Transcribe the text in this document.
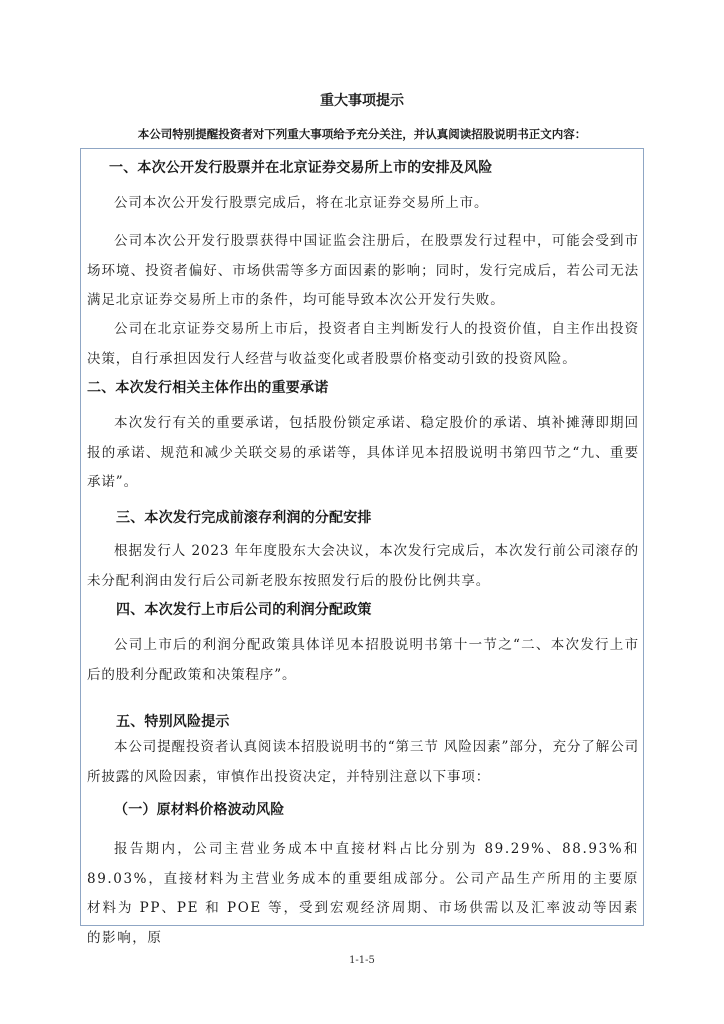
重大事项提示
本公司特别提醒投资者对下列重大事项给予充分关注，并认真阅读招股说明书正文内容：
一、本次公开发行股票并在北京证券交易所上市的安排及风险
公司本次公开发行股票完成后，将在北京证券交易所上市。
公司本次公开发行股票获得中国证监会注册后，在股票发行过程中，可能会受到市场环境、投资者偏好、市场供需等多方面因素的影响；同时，发行完成后，若公司无法满足北京证券交易所上市的条件，均可能导致本次公开发行失败。
公司在北京证券交易所上市后，投资者自主判断发行人的投资价值，自主作出投资决策，自行承担因发行人经营与收益变化或者股票价格变动引致的投资风险。
二、本次发行相关主体作出的重要承诺
本次发行有关的重要承诺，包括股份锁定承诺、稳定股价的承诺、填补摊薄即期回报的承诺、规范和减少关联交易的承诺等，具体详见本招股说明书第四节之“九、重要承诺”。
三、本次发行完成前滚存利润的分配安排
根据发行人 2023 年年度股东大会决议，本次发行完成后，本次发行前公司滚存的未分配利润由发行后公司新老股东按照发行后的股份比例共享。
四、本次发行上市后公司的利润分配政策
公司上市后的利润分配政策具体详见本招股说明书第十一节之“二、本次发行上市后的股利分配政策和决策程序”。
五、特别风险提示
本公司提醒投资者认真阅读本招股说明书的“第三节 风险因素”部分，充分了解公司所披露的风险因素，审慎作出投资决定，并特别注意以下事项：
（一）原材料价格波动风险
报告期内，公司主营业务成本中直接材料占比分别为 89.29%、88.93%和89.03%，直接材料为主营业务成本的重要组成部分。公司产品生产所用的主要原材料为 PP、PE 和 POE 等，受到宏观经济周期、市场供需以及汇率波动等因素的影响，原
1-1-5
